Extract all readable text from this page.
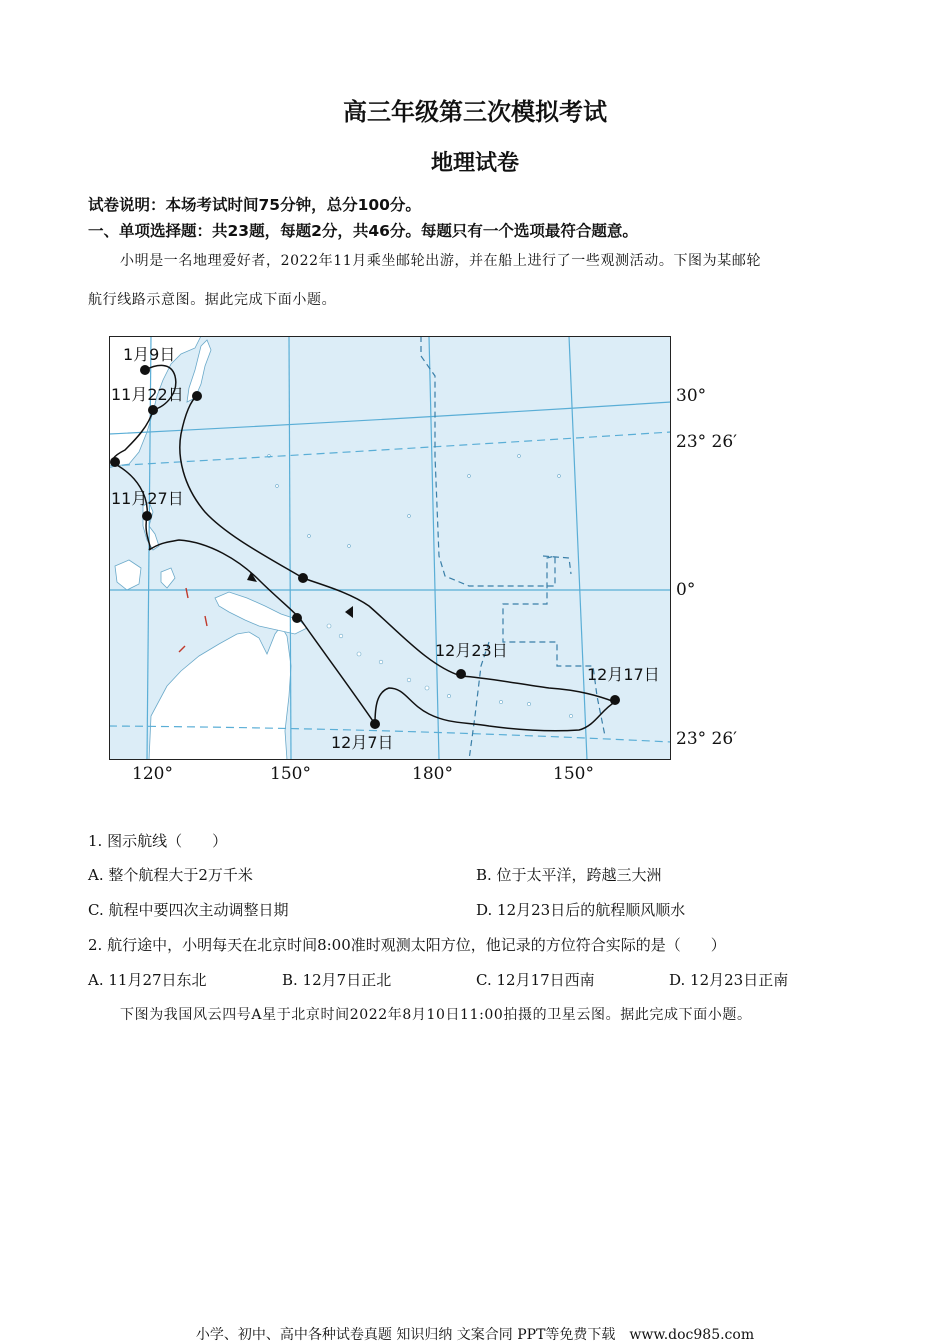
高三年级第三次模拟考试
地理试卷
试卷说明：本场考试时间75分钟，总分100分。
一、单项选择题：共23题，每题2分，共46分。每题只有一个选项最符合题意。
小明是一名地理爱好者，2022年11月乘坐邮轮出游，并在船上进行了一些观测活动。下图为某邮轮
航行线路示意图。据此完成下面小题。
1月9日
11月22日
11月27日
12月23日
12月17日
12月7日
30°
23° 26′
0°
23° 26′
120°	150°	180°	150°
1. 图示航线（　　）
A. 整个航程大于2万千米	B. 位于太平洋，跨越三大洲
C. 航程中要四次主动调整日期	D. 12月23日后的航程顺风顺水
2. 航行途中，小明每天在北京时间8:00准时观测太阳方位，他记录的方位符合实际的是（　　）
A. 11月27日东北	B. 12月7日正北	C. 12月17日西南	D. 12月23日正南
下图为我国风云四号A星于北京时间2022年8月10日11:00拍摄的卫星云图。据此完成下面小题。
小学、初中、高中各种试卷真题 知识归纳 文案合同 PPT等免费下载　www.doc985.com
